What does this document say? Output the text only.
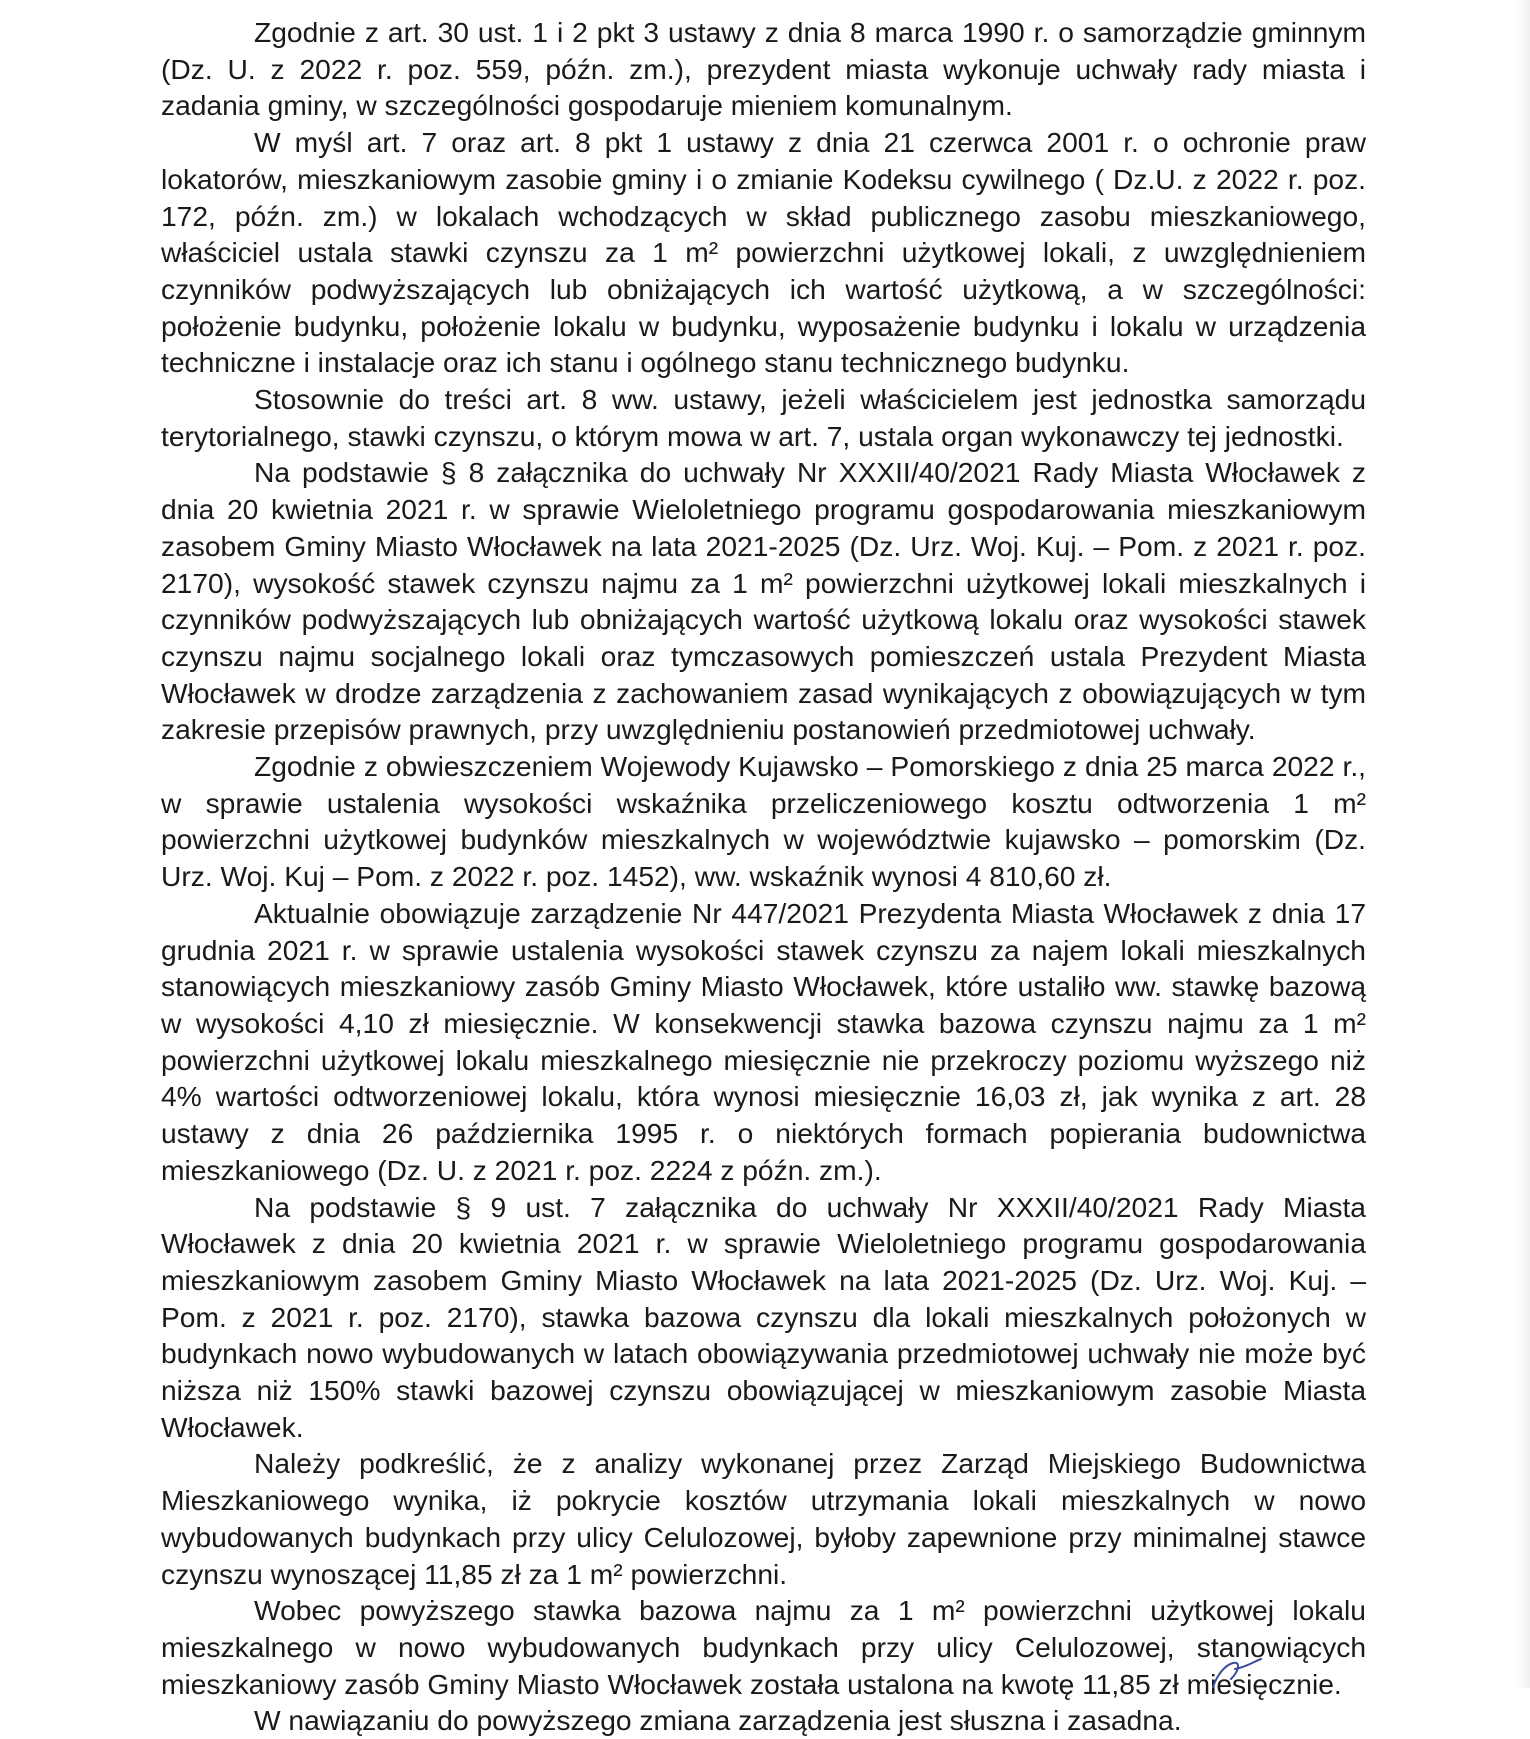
Zgodnie z art. 30 ust. 1 i 2 pkt 3 ustawy z dnia 8 marca 1990 r. o samorządzie gminnym (Dz. U. z 2022 r. poz. 559, późn. zm.), prezydent miasta wykonuje uchwały rady miasta i zadania gminy, w szczególności gospodaruje mieniem komunalnym.

W myśl art. 7 oraz art. 8 pkt 1 ustawy z dnia 21 czerwca 2001 r. o ochronie praw lokatorów, mieszkaniowym zasobie gminy i o zmianie Kodeksu cywilnego ( Dz.U. z 2022 r. poz. 172, późn. zm.) w lokalach wchodzących w skład publicznego zasobu mieszkaniowego, właściciel ustala stawki czynszu za 1 m² powierzchni użytkowej lokali, z uwzględnieniem czynników podwyższających lub obniżających ich wartość użytkową, a w szczególności: położenie budynku, położenie lokalu w budynku, wyposażenie budynku i lokalu w urządzenia techniczne i instalacje oraz ich stanu i ogólnego stanu technicznego budynku.

Stosownie do treści art. 8 ww. ustawy, jeżeli właścicielem jest jednostka samorządu terytorialnego, stawki czynszu, o którym mowa w art. 7, ustala organ wykonawczy tej jednostki.

Na podstawie § 8 załącznika do uchwały Nr XXXII/40/2021 Rady Miasta Włocławek z dnia 20 kwietnia 2021 r. w sprawie Wieloletniego programu gospodarowania mieszkaniowym zasobem Gminy Miasto Włocławek na lata 2021-2025 (Dz. Urz. Woj. Kuj. – Pom. z 2021 r. poz. 2170), wysokość stawek czynszu najmu za 1 m² powierzchni użytkowej lokali mieszkalnych i czynników podwyższających lub obniżających wartość użytkową lokalu oraz wysokości stawek czynszu najmu socjalnego lokali oraz tymczasowych pomieszczeń ustala Prezydent Miasta Włocławek w drodze zarządzenia z zachowaniem zasad wynikających z obowiązujących w tym zakresie przepisów prawnych, przy uwzględnieniu postanowień przedmiotowej uchwały.

Zgodnie z obwieszczeniem Wojewody Kujawsko – Pomorskiego z dnia 25 marca 2022 r., w sprawie ustalenia wysokości wskaźnika przeliczeniowego kosztu odtworzenia 1 m² powierzchni użytkowej budynków mieszkalnych w województwie kujawsko – pomorskim (Dz. Urz. Woj. Kuj – Pom. z 2022 r. poz. 1452), ww. wskaźnik wynosi 4 810,60 zł.

Aktualnie obowiązuje zarządzenie Nr 447/2021 Prezydenta Miasta Włocławek z dnia 17 grudnia 2021 r. w sprawie ustalenia wysokości stawek czynszu za najem lokali mieszkalnych stanowiących mieszkaniowy zasób Gminy Miasto Włocławek, które ustaliło ww. stawkę bazową w wysokości 4,10 zł miesięcznie. W konsekwencji stawka bazowa czynszu najmu za 1 m² powierzchni użytkowej lokalu mieszkalnego miesięcznie nie przekroczy poziomu wyższego niż 4% wartości odtworzeniowej lokalu, która wynosi miesięcznie 16,03 zł, jak wynika z art. 28 ustawy z dnia 26 października 1995 r. o niektórych formach popierania budownictwa mieszkaniowego (Dz. U. z 2021 r. poz. 2224 z późn. zm.).

Na podstawie § 9 ust. 7 załącznika do uchwały Nr XXXII/40/2021 Rady Miasta Włocławek z dnia 20 kwietnia 2021 r. w sprawie Wieloletniego programu gospodarowania mieszkaniowym zasobem Gminy Miasto Włocławek na lata 2021-2025 (Dz. Urz. Woj. Kuj. – Pom. z 2021 r. poz. 2170), stawka bazowa czynszu dla lokali mieszkalnych położonych w budynkach nowo wybudowanych w latach obowiązywania przedmiotowej uchwały nie może być niższa niż 150% stawki bazowej czynszu obowiązującej w mieszkaniowym zasobie Miasta Włocławek.

Należy podkreślić, że z analizy wykonanej przez Zarząd Miejskiego Budownictwa Mieszkaniowego wynika, iż pokrycie kosztów utrzymania lokali mieszkalnych w nowo wybudowanych budynkach przy ulicy Celulozowej, byłoby zapewnione przy minimalnej stawce czynszu wynoszącej 11,85 zł za 1 m² powierzchni.

Wobec powyższego stawka bazowa najmu za 1 m² powierzchni użytkowej lokalu mieszkalnego w nowo wybudowanych budynkach przy ulicy Celulozowej, stanowiących mieszkaniowy zasób Gminy Miasto Włocławek została ustalona na kwotę 11,85 zł miesięcznie.

W nawiązaniu do powyższego zmiana zarządzenia jest słuszna i zasadna.
